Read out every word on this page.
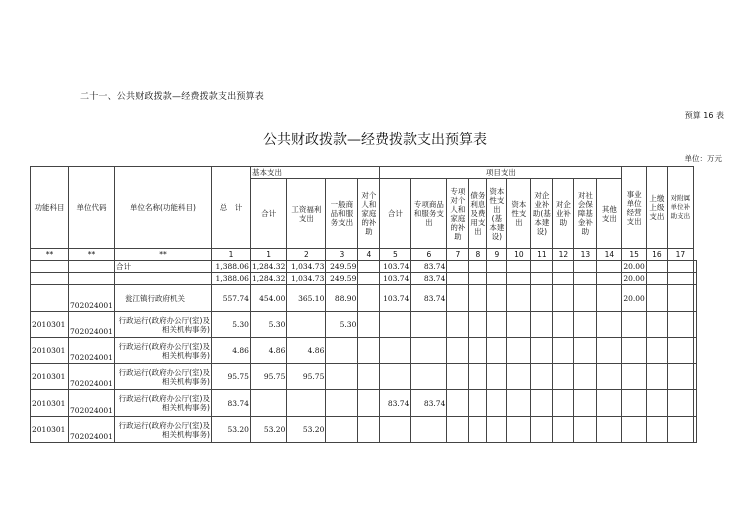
二十一、公共财政拨款—经费拨款支出预算表
预算 16 表
公共财政拨款—经费拨款支出预算表
单位：万元
功能科目	单位代码	单位名称(功能科目)	总　计	基本支出				项目支出										事业单位经营支出	上缴上级支出	对附属单位补助支出	
				合计	工资福利支出	一般商品和服务支出	对个人和家庭的补助	合计	专项商品和服务支出	专项对个人和家庭的补助	债务利息及费用支出	资本性支出(基本建设)	资本性支出	对企业补助(基本建设)	对企业补助	对社会保障基金补助	其他支出				
**	**	**	1	1	2	3	4	5	6	7	8	9	10	11	12	13	14	15	16	17	
		合计	1,388.06	1,284.32	1,034.73	249.59		103.74	83.74									20.00			
			1,388.06	1,284.32	1,034.73	249.59		103.74	83.74									20.00			
	702024001	瓮江镇行政府机关	557.74	454.00	365.10	88.90		103.74	83.74									20.00			
2010301	702024001	行政运行(政府办公厅(室)及相关机构事务)	5.30	5.30		5.30															
2010301	702024001	行政运行(政府办公厅(室)及相关机构事务)	4.86	4.86	4.86																
2010301	702024001	行政运行(政府办公厅(室)及相关机构事务)	95.75	95.75	95.75																
2010301	702024001	行政运行(政府办公厅(室)及相关机构事务)	83.74					83.74	83.74												
2010301	702024001	行政运行(政府办公厅(室)及相关机构事务)	53.20	53.20	53.20																
